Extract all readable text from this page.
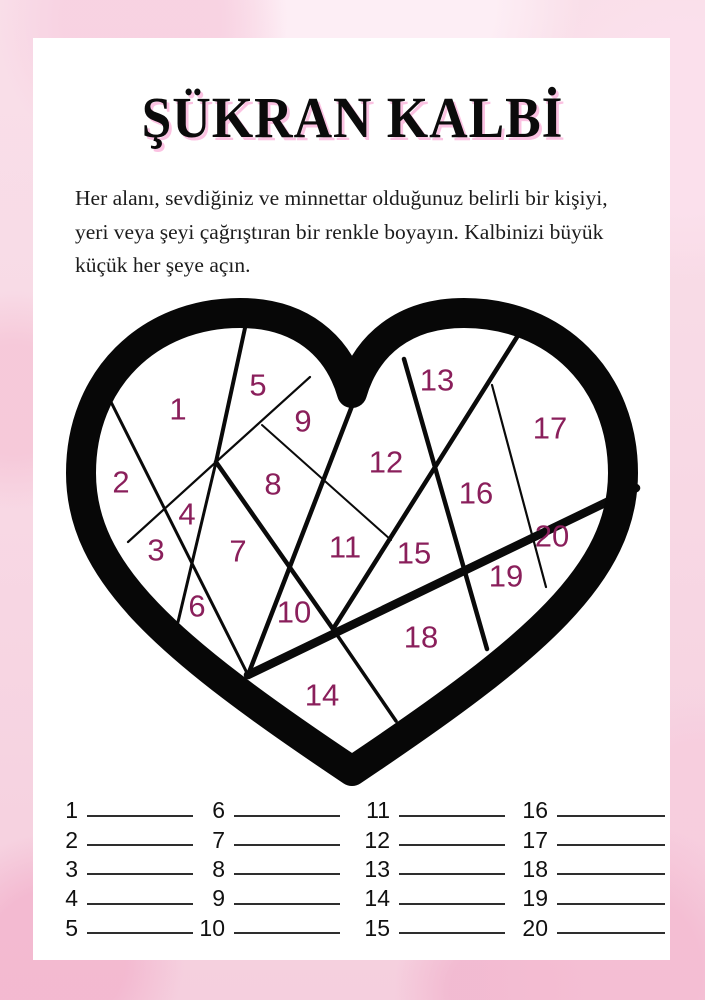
ŞÜKRAN KALBİ
Her alanı, sevdiğiniz ve minnettar olduğunuz belirli bir kişiyi, yeri veya şeyi çağrıştıran bir renkle boyayın. Kalbinizi büyük küçük her şeye açın.
1
2
3
4
5
6
7
8
9
10
11
12
13
14
15
16
17
18
19
20
1
2
3
4
5
6
7
8
9
10
11
12
13
14
15
16
17
18
19
20
